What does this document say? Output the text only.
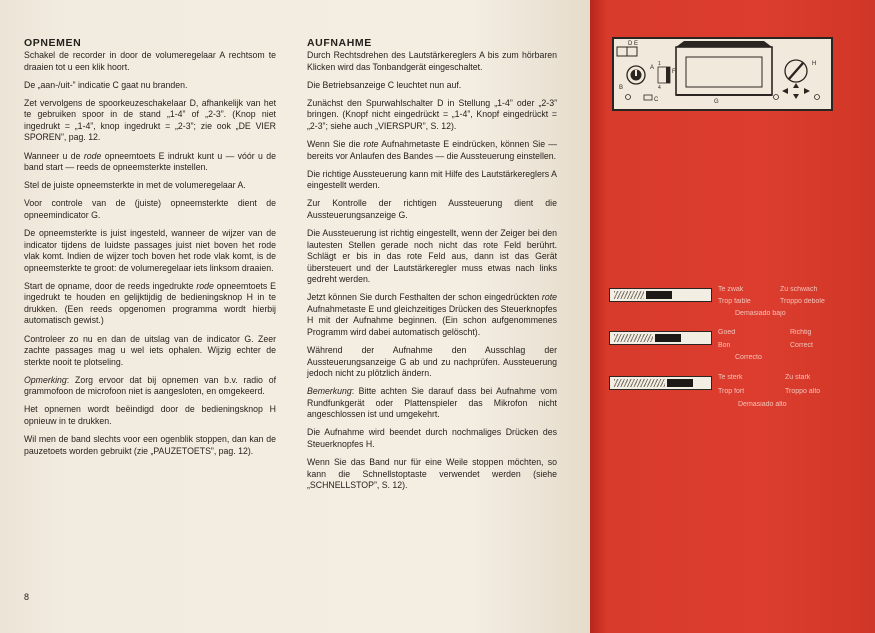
OPNEMEN

Schakel de recorder in door de volumeregelaar A rechtsom te draaien tot u een klik hoort.

De „aan-/uit-” indicatie C gaat nu branden.

Zet vervolgens de spoorkeuzeschakelaar D, afhankelijk van het te gebruiken spoor in de stand „1-4” of „2-3”. (Knop niet ingedrukt = „1-4”, knop ingedrukt = „2-3”; zie ook „DE VIER SPOREN”, pag. 12.

Wanneer u de rode opneemtoets E indrukt kunt u — vóór u de band start — reeds de opneemsterkte instellen.

Stel de juiste opneemsterkte in met de volumeregelaar A.

Voor controle van de (juiste) opneemsterkte dient de opneemindicator G.

De opneemsterkte is juist ingesteld, wanneer de wijzer van de indicator tijdens de luidste passages juist niet boven het rode vlak komt. Indien de wijzer toch boven het rode vlak komt, is de opneemsterkte te groot: de volumeregelaar iets linksom draaien.

Start de opname, door de reeds ingedrukte rode opneemtoets E ingedrukt te houden en gelijktijdig de bedieningsknop H in te drukken. (Een reeds opgenomen programma wordt hierbij automatisch gewist.)

Controleer zo nu en dan de uitslag van de indicator G. Zeer zachte passages mag u wel iets ophalen. Wijzig echter de sterkte nooit te plotseling.

Opmerking: Zorg ervoor dat bij opnemen van b.v. radio of grammofoon de microfoon niet is aangesloten, en omgekeerd.

Het opnemen wordt beëindigd door de bedieningsknop H opnieuw in te drukken.

Wil men de band slechts voor een ogenblik stoppen, dan kan de pauzetoets worden gebruikt (zie „PAUZETOETS”, pag. 12).

AUFNAHME

Durch Rechtsdrehen des Lautstärkereglers A bis zum hörbaren Klicken wird das Tonbandgerät eingeschaltet.

Die Betriebsanzeige C leuchtet nun auf.

Zunächst den Spurwahlschalter D in Stellung „1-4” oder „2-3” bringen. (Knopf nicht eingedrückt = „1-4”, Knopf eingedrückt = „2-3”; siehe auch „VIERSPUR”, S. 12).

Wenn Sie die rote Aufnahmetaste E eindrücken, können Sie — bereits vor Anlaufen des Bandes — die Aussteuerung einstellen.

Die richtige Aussteuerung kann mit Hilfe des Lautstärkereglers A eingestellt werden.

Zur Kontrolle der richtigen Aussteuerung dient die Aussteuerungsanzeige G.

Die Aussteuerung ist richtig eingestellt, wenn der Zeiger bei den lautesten Stellen gerade noch nicht das rote Feld berührt. Schlägt er bis in das rote Feld aus, dann ist das Gerät übersteuert und der Lautstärkeregler muss etwas nach links gedreht werden.

Jetzt können Sie durch Festhalten der schon eingedrückten rote Aufnahmetaste E und gleichzeitiges Drücken des Steuerknopfes H mit der Aufnahme beginnen. (Ein schon aufgenommenes Programm wird dabei automatisch gelöscht).

Während der Aufnahme den Ausschlag der Aussteuerungsanzeige G ab und zu nachprüfen. Aussteuerung jedoch nicht zu plötzlich ändern.

Bemerkung: Bitte achten Sie darauf dass bei Aufnahme vom Rundfunkgerät oder Plattenspieler das Mikrofon nicht angeschlossen ist und umgekehrt.

Die Aufnahme wird beendet durch nochmaliges Drücken des Steuerknopfes H.

Wenn Sie das Band nur für eine Weile stoppen möchten, so kann die Schnellstoptaste verwendet werden (siehe „SCHNELLSTOP”, S. 12).

8
D E
A
B
C	G
1
4
F
H
Te zwak	Zu schwach
Trop faible	Troppo debole
Demasiado bajo
Goed	Richtig
Bon	Correct
Correcto
Te sterk	Zu stark
Trop fort	Troppo alto
Demasiado alto
